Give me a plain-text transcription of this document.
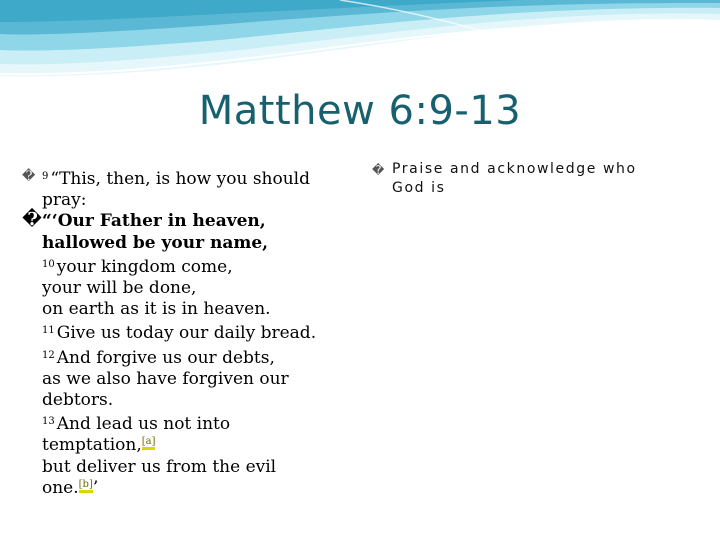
Matthew 6:9-13
� $^9$ “This, then, is how you should
pray:
� “‘Our Father in heaven,
hallowed be your name,
$^{10}$ your kingdom come,
your will be done,
on earth as it is in heaven.
$^{11}$ Give us today our daily bread.
$^{12}$ And forgive us our debts,
as we also have forgiven our
debtors.
$^{13}$ And lead us not into
temptation,[a]
but deliver us from the evil
one.[b]’
� Praise and acknowledge who
God is
